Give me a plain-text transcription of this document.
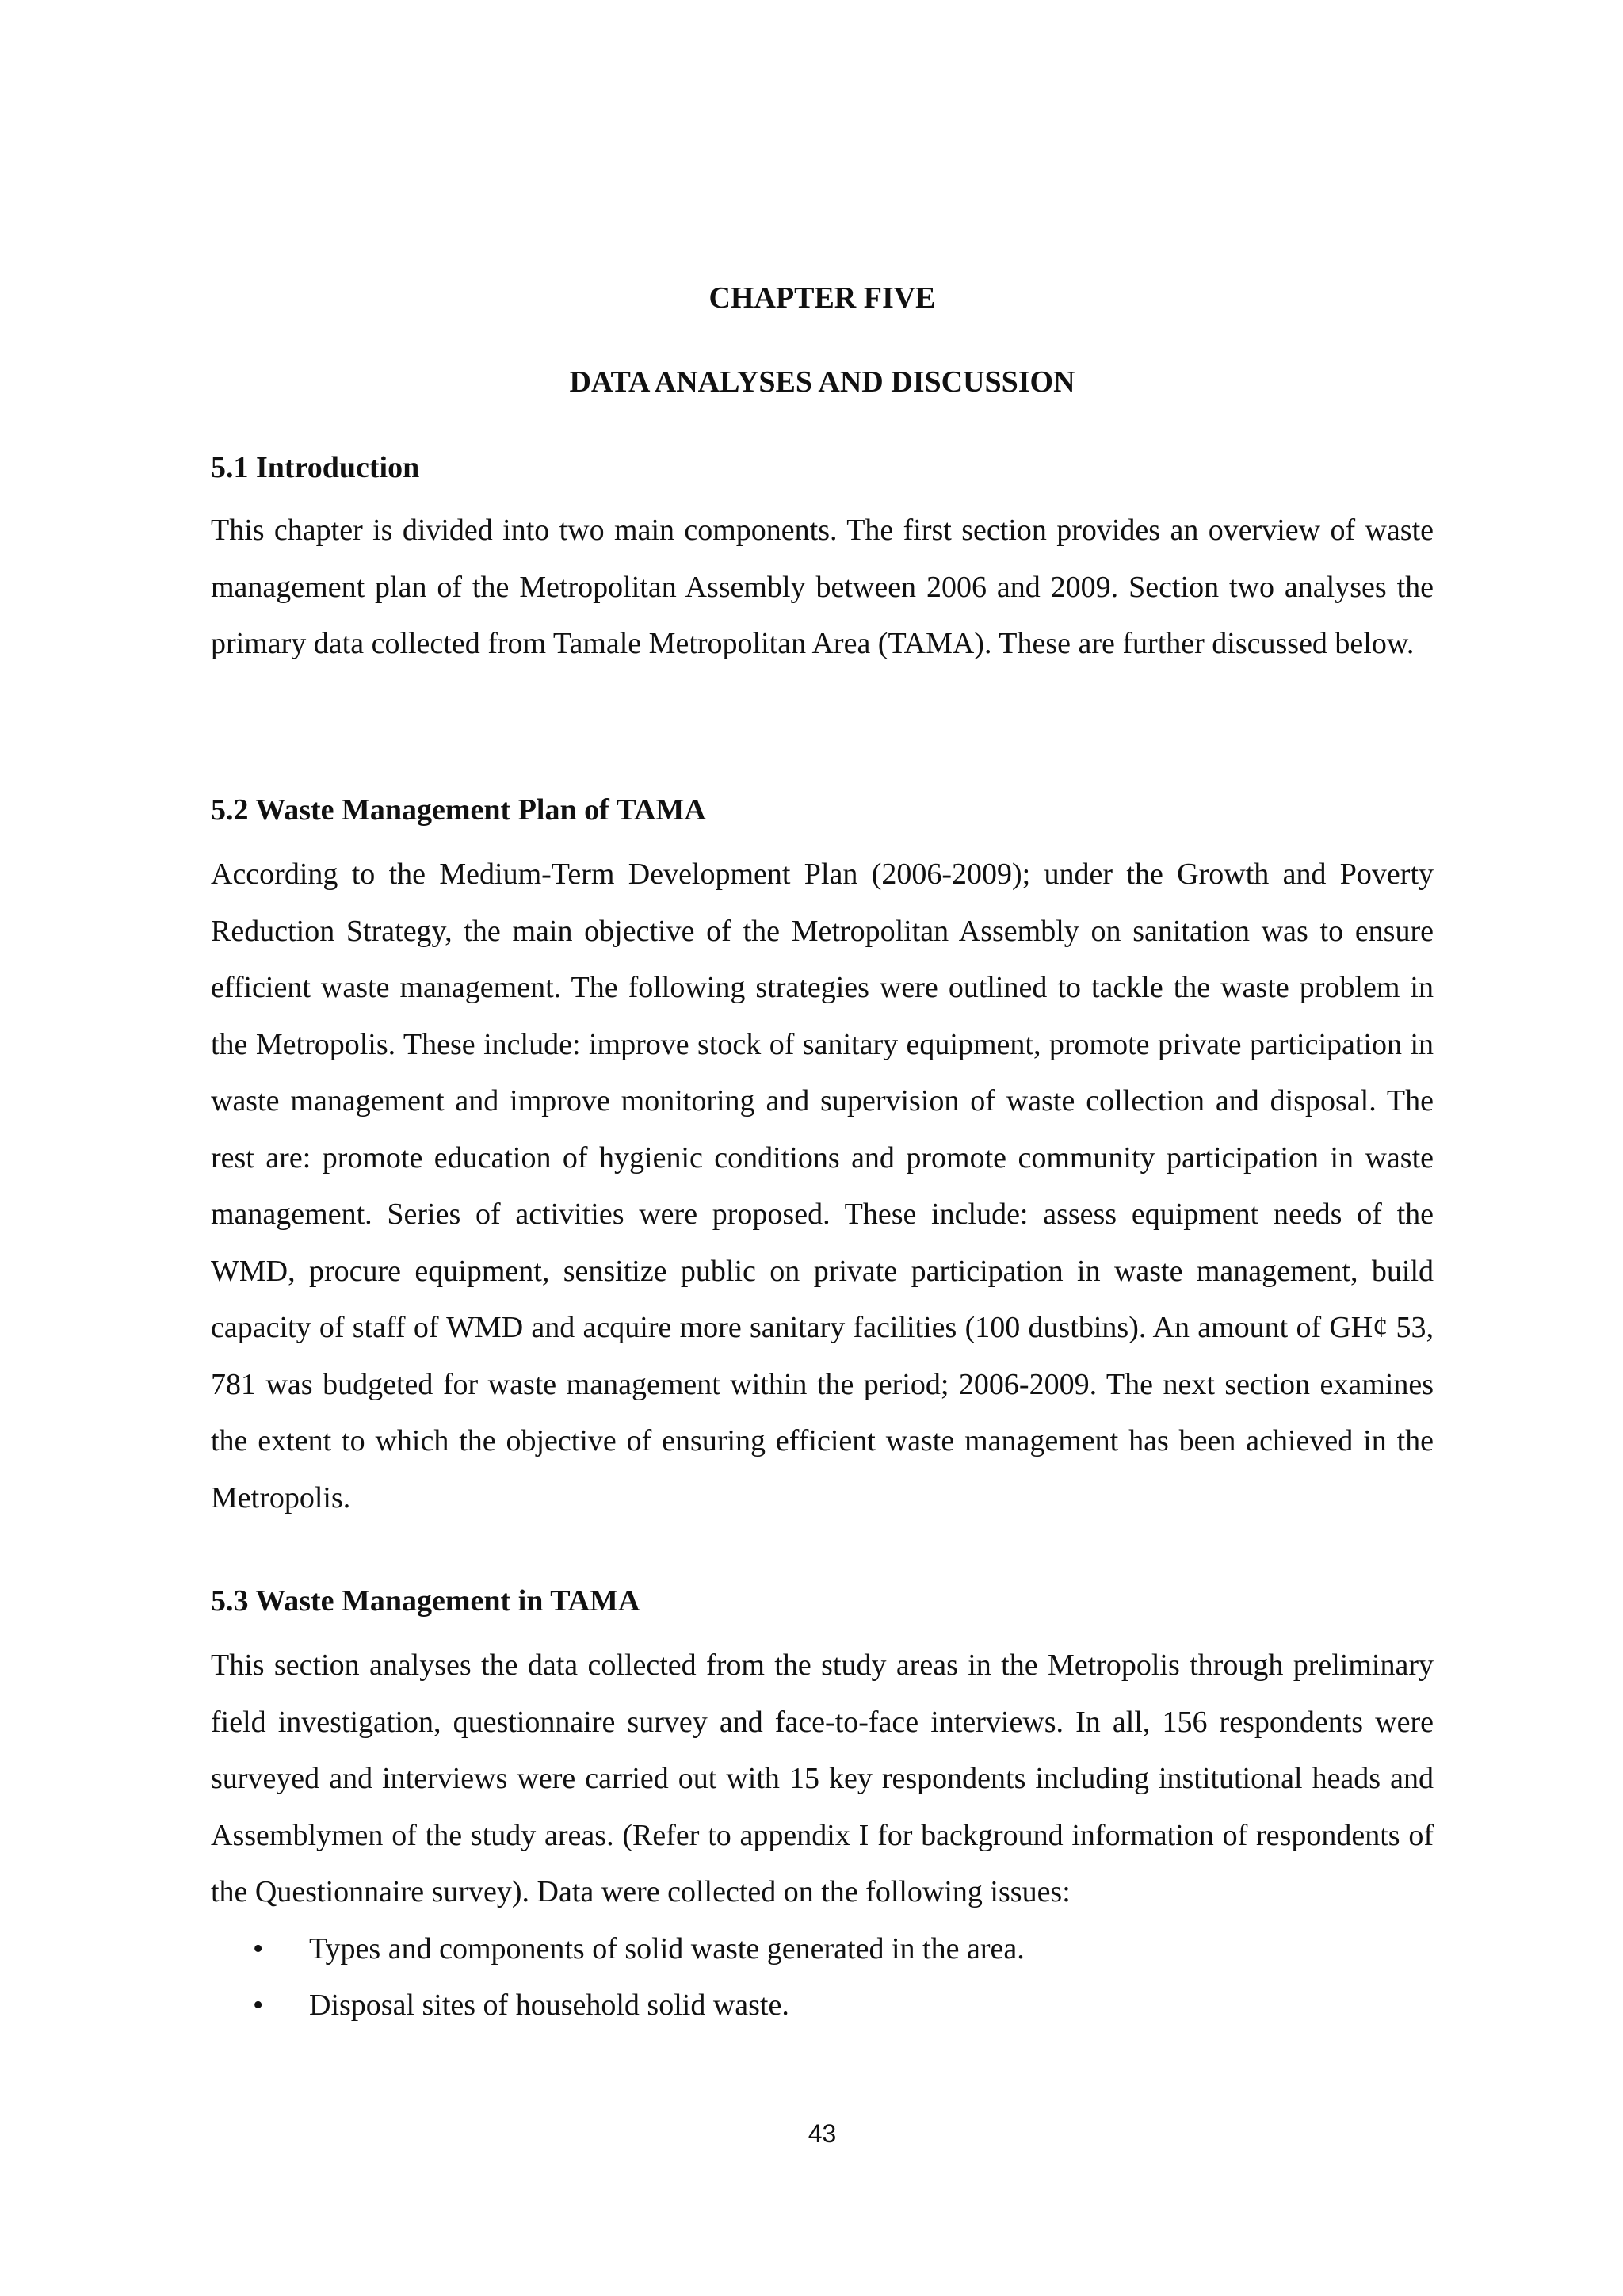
CHAPTER FIVE
DATA ANALYSES AND DISCUSSION
5.1 Introduction

This chapter is divided into two main components. The first section provides an overview of waste management plan of the Metropolitan Assembly between 2006 and 2009. Section two analyses the primary data collected from Tamale Metropolitan Area (TAMA). These are further discussed below.

5.2 Waste Management Plan of TAMA

According to the Medium-Term Development Plan (2006-2009); under the Growth and Poverty Reduction Strategy, the main objective of the Metropolitan Assembly on sanitation was to ensure efficient waste management. The following strategies were outlined to tackle the waste problem in the Metropolis. These include: improve stock of sanitary equipment, promote private participation in waste management and improve monitoring and supervision of waste collection and disposal. The rest are: promote education of hygienic conditions and promote community participation in waste management. Series of activities were proposed. These include: assess equipment needs of the WMD, procure equipment, sensitize public on private participation in waste management, build capacity of staff of WMD and acquire more sanitary facilities (100 dustbins). An amount of GH¢ 53, 781 was budgeted for waste management within the period; 2006-2009. The next section examines the extent to which the objective of ensuring efficient waste management has been achieved in the Metropolis.

5.3 Waste Management in TAMA

This section analyses the data collected from the study areas in the Metropolis through preliminary field investigation, questionnaire survey and face-to-face interviews. In all, 156 respondents were surveyed and interviews were carried out with 15 key respondents including institutional heads and Assemblymen of the study areas. (Refer to appendix I for background information of respondents of the Questionnaire survey). Data were collected on the following issues:

• Types and components of solid waste generated in the area.
• Disposal sites of household solid waste.
43
